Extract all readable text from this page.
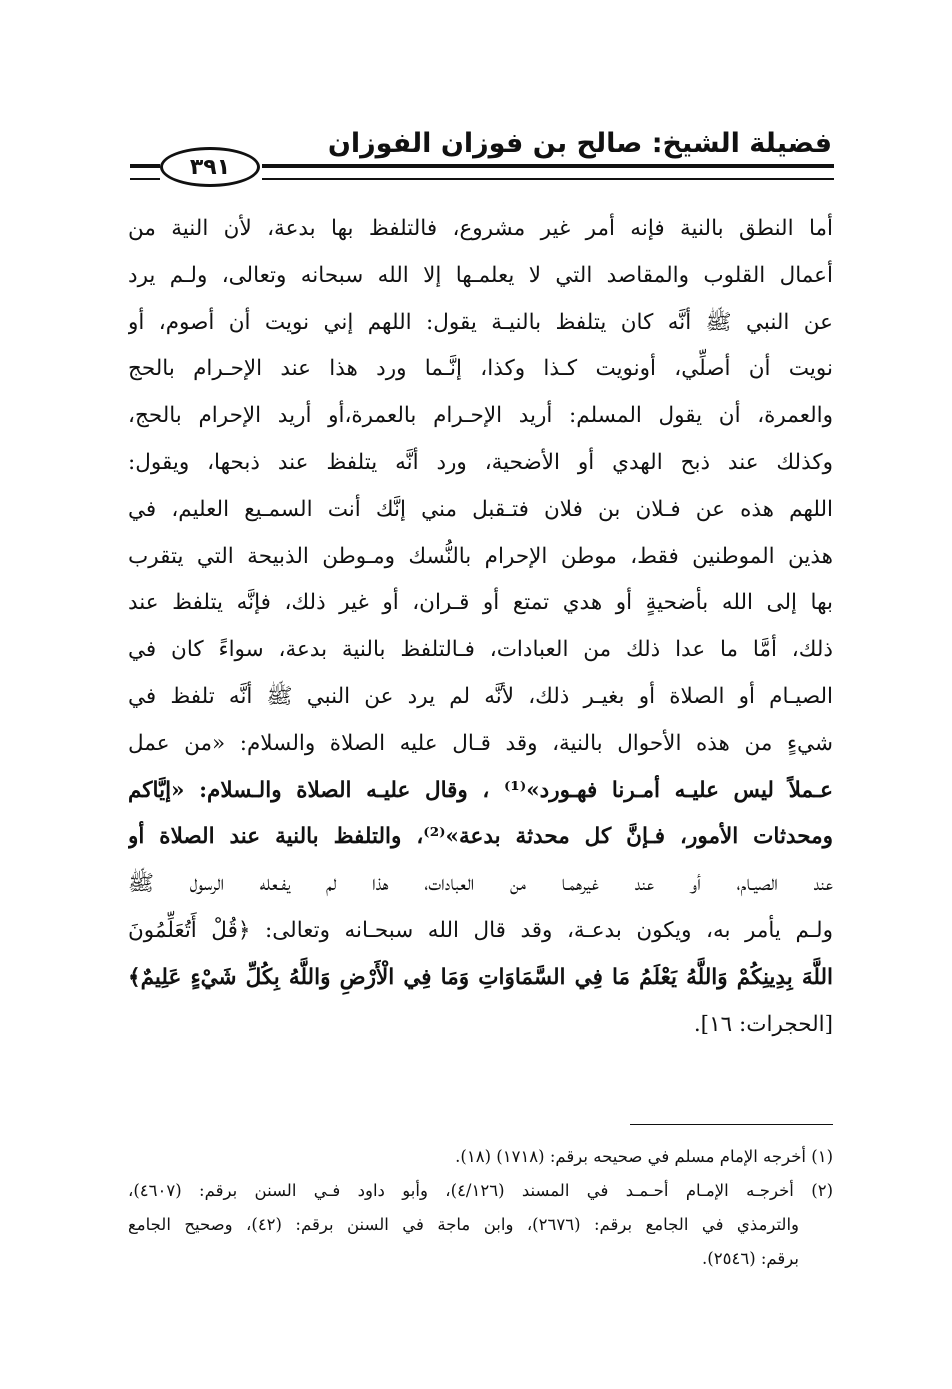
فضيلة الشيخ: صالح بن فوزان الفوزان
٣٩١
أما النطق بالنية فإنه أمر غير مشروع، فالتلفظ بها بدعة، لأن النية من
أعمال القلوب والمقاصد التي لا يعلمـها إلا الله سبحانه وتعالى، ولـم يرد
عن النبي ﷺ أنَّه كان يتلفظ بالنيـة يقول: اللهم إني نويت أن أصوم، أو
نويت أن أصلِّي، أونويت كـذا وكذا، إنَّـما ورد هذا عند الإحـرام بالحج
والعمرة، أن يقول المسلم: أريد الإحـرام بالعمرة،أو أريد الإحرام بالحج،
وكذلك عند ذبح الهدي أو الأضحية، ورد أنَّه يتلفظ عند ذبحها، ويقول:
اللهم هذه عن فـلان بن فلان فتـقبل مني إنَّك أنت السمـيع العليم، في
هذين الموطنين فقط، موطن الإحرام بالنُّسك ومـوطن الذبيحة التي يتقرب
بها إلى الله بأضحيةٍ أو هدي تمتع أو قـران، أو غير ذلك، فإنَّه يتلفظ عند
ذلك، أمَّا ما عدا ذلك من العبادات، فـالتلفظ بالنية بدعة، سواءً كان في
الصيـام أو الصلاة أو بغيـر ذلك، لأنَّه لم يرد عن النبي ﷺ أنَّه تلفظ في
شيءٍ من هذه الأحوال بالنية، وقد قـال عليه الصلاة والسلام: «من عمل
عـملاً ليس عليـه أمـرنا فهـورد»⁽¹⁾ ، وقال عليـه الصلاة والـسلام: «إيَّاكم
ومحدثات الأمور، فـإنَّ كل محدثة بدعة»⁽²⁾، والتلفظ بالنية عند الصلاة أو
عند الصيـام، أو عند غيرهمـا من العبادات، هذا لم يفـعله الرسول ﷺ
ولـم يأمر به، ويكون بدعـة، وقد قال الله سبحـانه وتعالى: ﴿قُلْ أَتُعَلِّمُونَ
اللَّهَ بِدِينِكُمْ وَاللَّهُ يَعْلَمُ مَا فِي السَّمَاوَاتِ وَمَا فِي الْأَرْضِ وَاللَّهُ بِكُلِّ شَيْءٍ عَلِيمٌ﴾
[الحجرات: ١٦].
(١) أخرجه الإمام مسلم في صحيحه برقم: (١٧١٨) (١٨).
(٢) أخرجـه الإمـام أحـمـد في المسند (٤/١٢٦)، وأبو داود فـي السنن برقم: (٤٦٠٧)،
والترمذي في الجامع برقم: (٢٦٧٦)، وابن ماجة في السنن برقم: (٤٢)، وصحيح الجامع
برقم: (٢٥٤٦).
